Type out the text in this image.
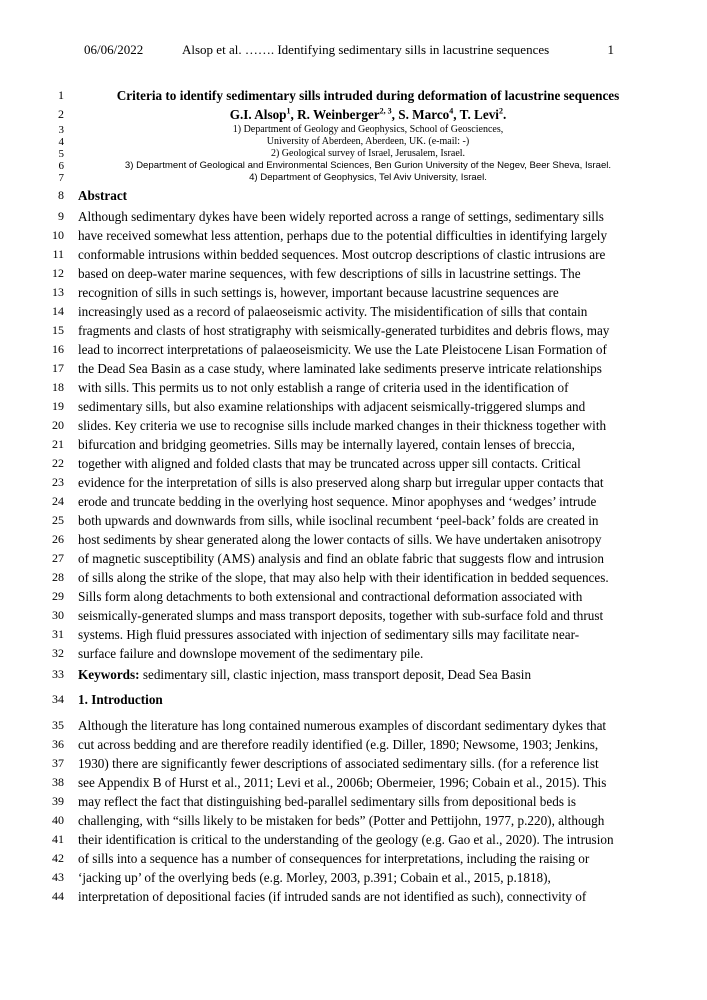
06/06/2022	Alsop et al. ……. Identifying sedimentary sills in lacustrine sequences	1
1	Criteria to identify sedimentary sills intruded during deformation of lacustrine sequences
2	G.I. Alsop$^1$, R. Weinberger$^{2, 3}$, S. Marco$^4$, T. Levi$^2$.
3	1) Department of Geology and Geophysics, School of Geosciences,
4	University of Aberdeen, Aberdeen, UK. (e-mail: -)
5	2) Geological survey of Israel, Jerusalem, Israel.
6	3) Department of Geological and Environmental Sciences, Ben Gurion University of the Negev, Beer Sheva, Israel.
7	4) Department of Geophysics, Tel Aviv University, Israel.
8 Abstract
9 Although sedimentary dykes have been widely reported across a range of settings, sedimentary sills
10 have received somewhat less attention, perhaps due to the potential difficulties in identifying largely
11 conformable intrusions within bedded sequences. Most outcrop descriptions of clastic intrusions are
12 based on deep-water marine sequences, with few descriptions of sills in lacustrine settings. The
13 recognition of sills in such settings is, however, important because lacustrine sequences are
14 increasingly used as a record of palaeoseismic activity. The misidentification of sills that contain
15 fragments and clasts of host stratigraphy with seismically-generated turbidites and debris flows, may
16 lead to incorrect interpretations of palaeoseismicity. We use the Late Pleistocene Lisan Formation of
17 the Dead Sea Basin as a case study, where laminated lake sediments preserve intricate relationships
18 with sills. This permits us to not only establish a range of criteria used in the identification of
19 sedimentary sills, but also examine relationships with adjacent seismically-triggered slumps and
20 slides. Key criteria we use to recognise sills include marked changes in their thickness together with
21 bifurcation and bridging geometries. Sills may be internally layered, contain lenses of breccia,
22 together with aligned and folded clasts that may be truncated across upper sill contacts. Critical
23 evidence for the interpretation of sills is also preserved along sharp but irregular upper contacts that
24 erode and truncate bedding in the overlying host sequence. Minor apophyses and ‘wedges’ intrude
25 both upwards and downwards from sills, while isoclinal recumbent ‘peel-back’ folds are created in
26 host sediments by shear generated along the lower contacts of sills. We have undertaken anisotropy
27 of magnetic susceptibility (AMS) analysis and find an oblate fabric that suggests flow and intrusion
28 of sills along the strike of the slope, that may also help with their identification in bedded sequences.
29 Sills form along detachments to both extensional and contractional deformation associated with
30 seismically-generated slumps and mass transport deposits, together with sub-surface fold and thrust
31 systems. High fluid pressures associated with injection of sedimentary sills may facilitate near-
32 surface failure and downslope movement of the sedimentary pile.
33 Keywords: sedimentary sill, clastic injection, mass transport deposit, Dead Sea Basin
34 1. Introduction
35 Although the literature has long contained numerous examples of discordant sedimentary dykes that
36 cut across bedding and are therefore readily identified (e.g. Diller, 1890; Newsome, 1903; Jenkins,
37 1930) there are significantly fewer descriptions of associated sedimentary sills. (for a reference list
38 see Appendix B of Hurst et al., 2011; Levi et al., 2006b; Obermeier, 1996; Cobain et al., 2015). This
39 may reflect the fact that distinguishing bed-parallel sedimentary sills from depositional beds is
40 challenging, with “sills likely to be mistaken for beds” (Potter and Pettijohn, 1977, p.220), although
41 their identification is critical to the understanding of the geology (e.g. Gao et al., 2020). The intrusion
42 of sills into a sequence has a number of consequences for interpretations, including the raising or
43 ‘jacking up’ of the overlying beds (e.g. Morley, 2003, p.391; Cobain et al., 2015, p.1818),
44 interpretation of depositional facies (if intruded sands are not identified as such), connectivity of
